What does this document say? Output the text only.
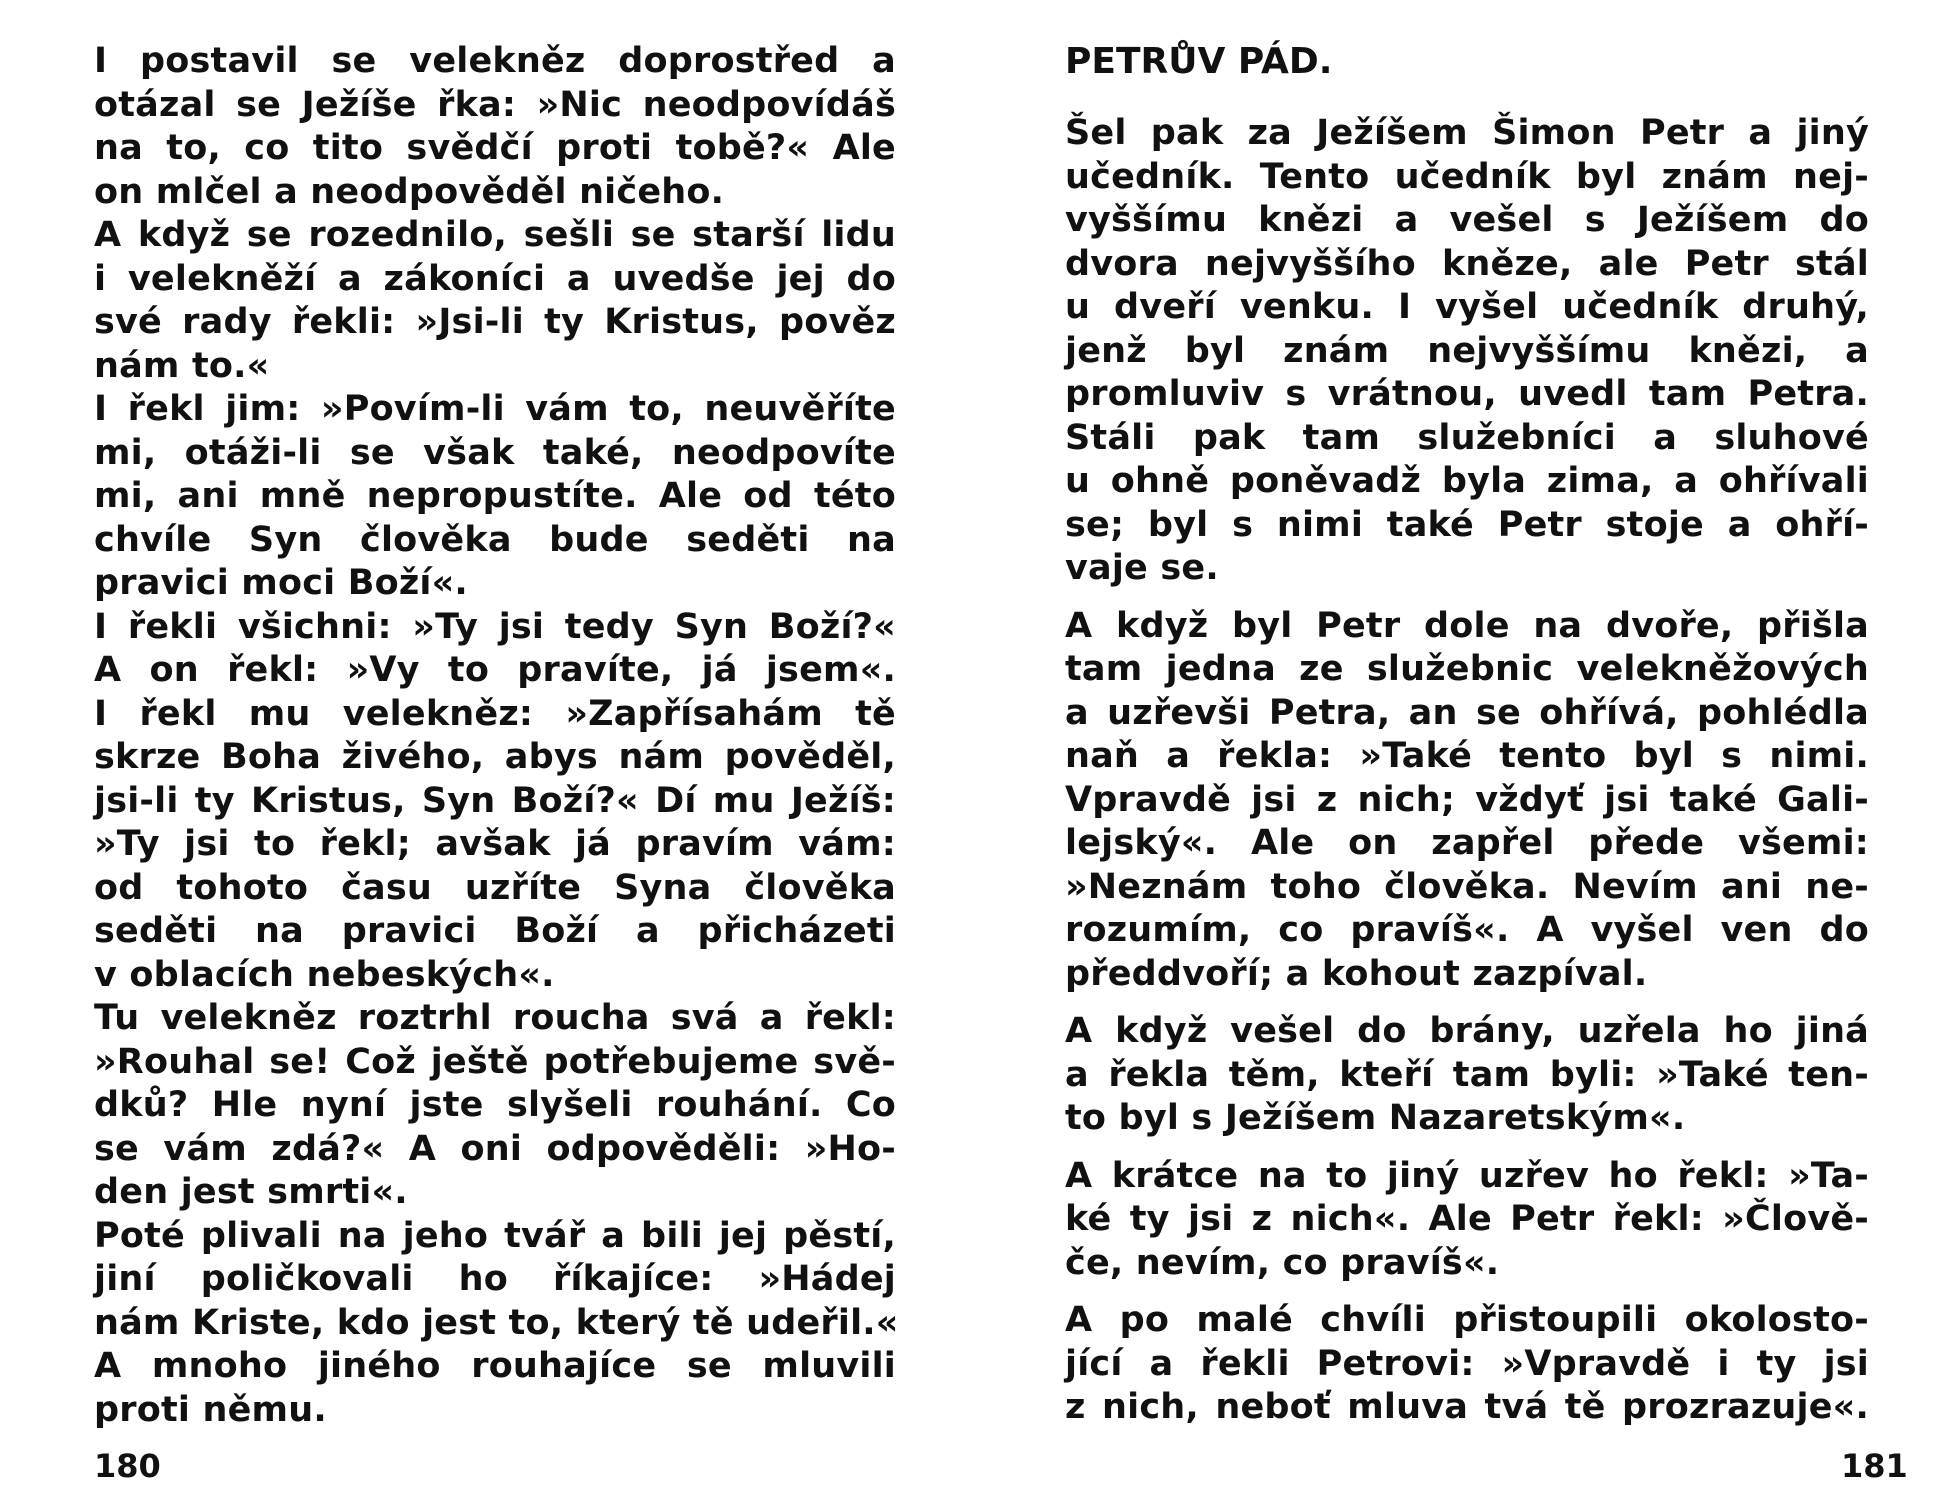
I postavil se velekněz doprostřed a
otázal se Ježíše řka: »Nic neodpovídáš
na to, co tito svědčí proti tobě?« Ale
on mlčel a neodpověděl ničeho.
A když se rozednilo, sešli se starší lidu
i velekněží a zákoníci a uvedše jej do
své rady řekli: »Jsi-li ty Kristus, pověz
nám to.«
I řekl jim: »Povím-li vám to, neuvěříte
mi, otáži-li se však také, neodpovíte
mi, ani mně nepropustíte. Ale od této
chvíle Syn člověka bude seděti na
pravici moci Boží«.
I řekli všichni: »Ty jsi tedy Syn Boží?«
A on řekl: »Vy to pravíte, já jsem«.
I řekl mu velekněz: »Zapřísahám tě
skrze Boha živého, abys nám pověděl,
jsi-li ty Kristus, Syn Boží?« Dí mu Ježíš:
»Ty jsi to řekl; avšak já pravím vám:
od tohoto času uzříte Syna člověka
seděti na pravici Boží a přicházeti
v oblacích nebeských«.
Tu velekněz roztrhl roucha svá a řekl:
»Rouhal se! Což ještě potřebujeme svě-
dků? Hle nyní jste slyšeli rouhání. Co
se vám zdá?« A oni odpověděli: »Ho-
den jest smrti«.
Poté plivali na jeho tvář a bili jej pěstí,
jiní poličkovali ho říkajíce: »Hádej
nám Kriste, kdo jest to, který tě udeřil.«
A mnoho jiného rouhajíce se mluvili
proti němu.
180
PETRŮV PÁD.
Šel pak za Ježíšem Šimon Petr a jiný
učedník. Tento učedník byl znám nej-
vyššímu knězi a vešel s Ježíšem do
dvora nejvyššího kněze, ale Petr stál
u dveří venku. I vyšel učedník druhý,
jenž byl znám nejvyššímu knězi, a
promluviv s vrátnou, uvedl tam Petra.
Stáli pak tam služebníci a sluhové
u ohně poněvadž byla zima, a ohřívali
se; byl s nimi také Petr stoje a ohří-
vaje se.
A když byl Petr dole na dvoře, přišla
tam jedna ze služebnic velekněžových
a uzřevši Petra, an se ohřívá, pohlédla
naň a řekla: »Také tento byl s nimi.
Vpravdě jsi z nich; vždyť jsi také Gali-
lejský«. Ale on zapřel přede všemi:
»Neznám toho člověka. Nevím ani ne-
rozumím, co pravíš«. A vyšel ven do
předdvoří; a kohout zazpíval.
A když vešel do brány, uzřela ho jiná
a řekla těm, kteří tam byli: »Také ten-
to byl s Ježíšem Nazaretským«.
A krátce na to jiný uzřev ho řekl: »Ta-
ké ty jsi z nich«. Ale Petr řekl: »Člově-
če, nevím, co pravíš«.
A po malé chvíli přistoupili okolosto-
jící a řekli Petrovi: »Vpravdě i ty jsi
z nich, neboť mluva tvá tě prozrazuje«.
181
